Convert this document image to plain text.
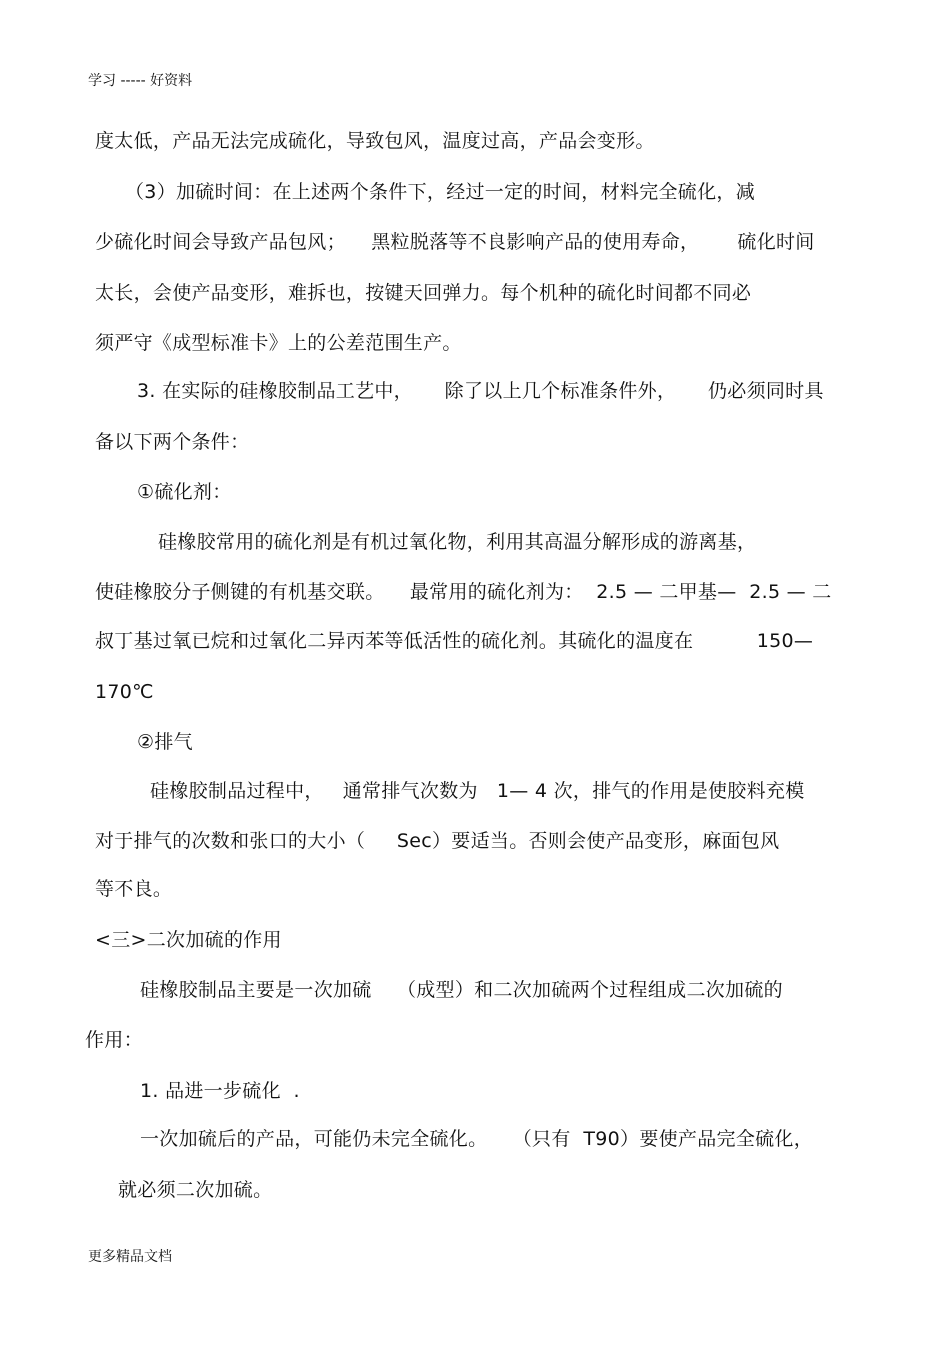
学习 ----- 好资料
度太低，产品无法完成硫化，导致包风，温度过高，产品会变形。
（3）加硫时间：在上述两个条件下，经过一定的时间，材料完全硫化，减
少硫化时间会导致产品包风；    黑粒脱落等不良影响产品的使用寿命，      硫化时间
太长，会使产品变形，难拆也，按键天回弹力。每个机种的硫化时间都不同必
须严守《成型标准卡》上的公差范围生产。
3. 在实际的硅橡胶制品工艺中，     除了以上几个标准条件外，     仍必须同时具
备以下两个条件：
①硫化剂：
硅橡胶常用的硫化剂是有机过氧化物，利用其高温分解形成的游离基，
使硅橡胶分子侧键的有机基交联。    最常用的硫化剂为：  2.5 — 二甲基—  2.5 — 二
叔丁基过氧已烷和过氧化二异丙苯等低活性的硫化剂。其硫化的温度在          150—
170℃
②排气
硅橡胶制品过程中，   通常排气次数为   1— 4 次，排气的作用是使胶料充模
对于排气的次数和张口的大小（     Sec）要适当。否则会使产品变形，麻面包风
等不良。
<三>二次加硫的作用
硅橡胶制品主要是一次加硫    （成型）和二次加硫两个过程组成二次加硫的
作用：
1. 品进一步硫化  .
一次加硫后的产品，可能仍未完全硫化。    （只有  T90）要使产品完全硫化，
就必须二次加硫。
更多精品文档
